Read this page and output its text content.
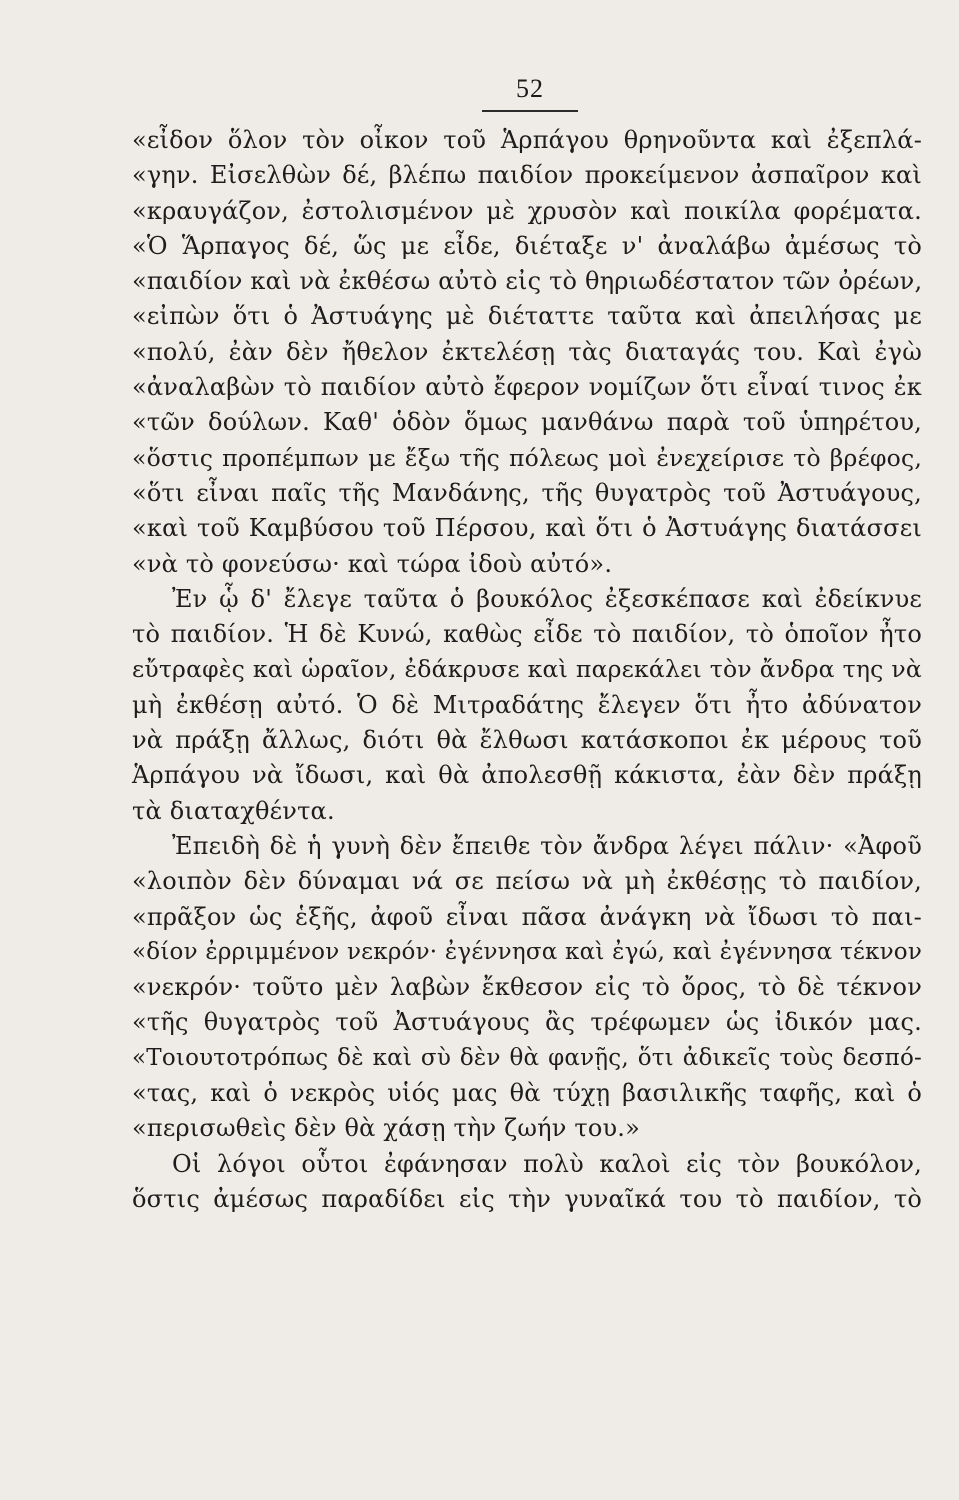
52
«εἶδον ὅλον τὸν οἶκον τοῦ Ἁρπάγου θρηνοῦντα καὶ ἐξεπλά-
«γην. Εἰσελθὼν δέ, βλέπω παιδίον προκείμενον ἀσπαῖρον καὶ
«κραυγάζον, ἐστολισμένον μὲ χρυσὸν καὶ ποικίλα φορέματα.
«Ὁ Ἅρπαγος δέ, ὥς με εἶδε, διέταξε ν' ἀναλάβω ἀμέσως τὸ
«παιδίον καὶ νὰ ἐκθέσω αὐτὸ εἰς τὸ θηριωδέστατον τῶν ὀρέων,
«εἰπὼν ὅτι ὁ Ἀστυάγης μὲ διέταττε ταῦτα καὶ ἀπειλήσας με
«πολύ, ἐὰν δὲν ἤθελον ἐκτελέσῃ τὰς διαταγάς του. Καὶ ἐγὼ
«ἀναλαβὼν τὸ παιδίον αὐτὸ ἔφερον νομίζων ὅτι εἶναί τινος ἐκ
«τῶν δούλων. Καθ' ὁδὸν ὅμως μανθάνω παρὰ τοῦ ὑπηρέτου,
«ὅστις προπέμπων με ἔξω τῆς πόλεως μοὶ ἐνεχείρισε τὸ βρέφος,
«ὅτι εἶναι παῖς τῆς Μανδάνης, τῆς θυγατρὸς τοῦ Ἀστυάγους,
«καὶ τοῦ Καμβύσου τοῦ Πέρσου, καὶ ὅτι ὁ Ἀστυάγης διατάσσει
«νὰ τὸ φονεύσω· καὶ τώρα ἰδοὺ αὐτό».
Ἐν ᾧ δ' ἔλεγε ταῦτα ὁ βουκόλος ἐξεσκέπασε καὶ ἐδείκνυε
τὸ παιδίον. Ἡ δὲ Κυνώ, καθὼς εἶδε τὸ παιδίον, τὸ ὁποῖον ἦτο
εὔτραφὲς καὶ ὡραῖον, ἐδάκρυσε καὶ παρεκάλει τὸν ἄνδρα της νὰ
μὴ ἐκθέσῃ αὐτό. Ὁ δὲ Μιτραδάτης ἔλεγεν ὅτι ἦτο ἀδύνατον
νὰ πράξῃ ἄλλως, διότι θὰ ἔλθωσι κατάσκοποι ἐκ μέρους τοῦ
Ἁρπάγου νὰ ἴδωσι, καὶ θὰ ἀπολεσθῇ κάκιστα, ἐὰν δὲν πράξῃ
τὰ διαταχθέντα.
Ἐπειδὴ δὲ ἡ γυνὴ δὲν ἔπειθε τὸν ἄνδρα λέγει πάλιν· «Ἀφοῦ
«λοιπὸν δὲν δύναμαι νά σε πείσω νὰ μὴ ἐκθέσῃς τὸ παιδίον,
«πρᾶξον ὡς ἑξῆς, ἀφοῦ εἶναι πᾶσα ἀνάγκη νὰ ἴδωσι τὸ παι-
«δίον ἐρριμμένον νεκρόν· ἐγέννησα καὶ ἐγώ, καὶ ἐγέννησα τέκνον
«νεκρόν· τοῦτο μὲν λαβὼν ἔκθεσον εἰς τὸ ὄρος, τὸ δὲ τέκνον
«τῆς θυγατρὸς τοῦ Ἀστυάγους ἂς τρέφωμεν ὡς ἰδικόν μας.
«Τοιουτοτρόπως δὲ καὶ σὺ δὲν θὰ φανῇς, ὅτι ἀδικεῖς τοὺς δεσπό-
«τας, καὶ ὁ νεκρὸς υἱός μας θὰ τύχῃ βασιλικῆς ταφῆς, καὶ ὁ
«περισωθεὶς δὲν θὰ χάσῃ τὴν ζωήν του.»
Οἱ λόγοι οὗτοι ἐφάνησαν πολὺ καλοὶ εἰς τὸν βουκόλον,
ὅστις ἀμέσως παραδίδει εἰς τὴν γυναῖκά του τὸ παιδίον, τὸ
